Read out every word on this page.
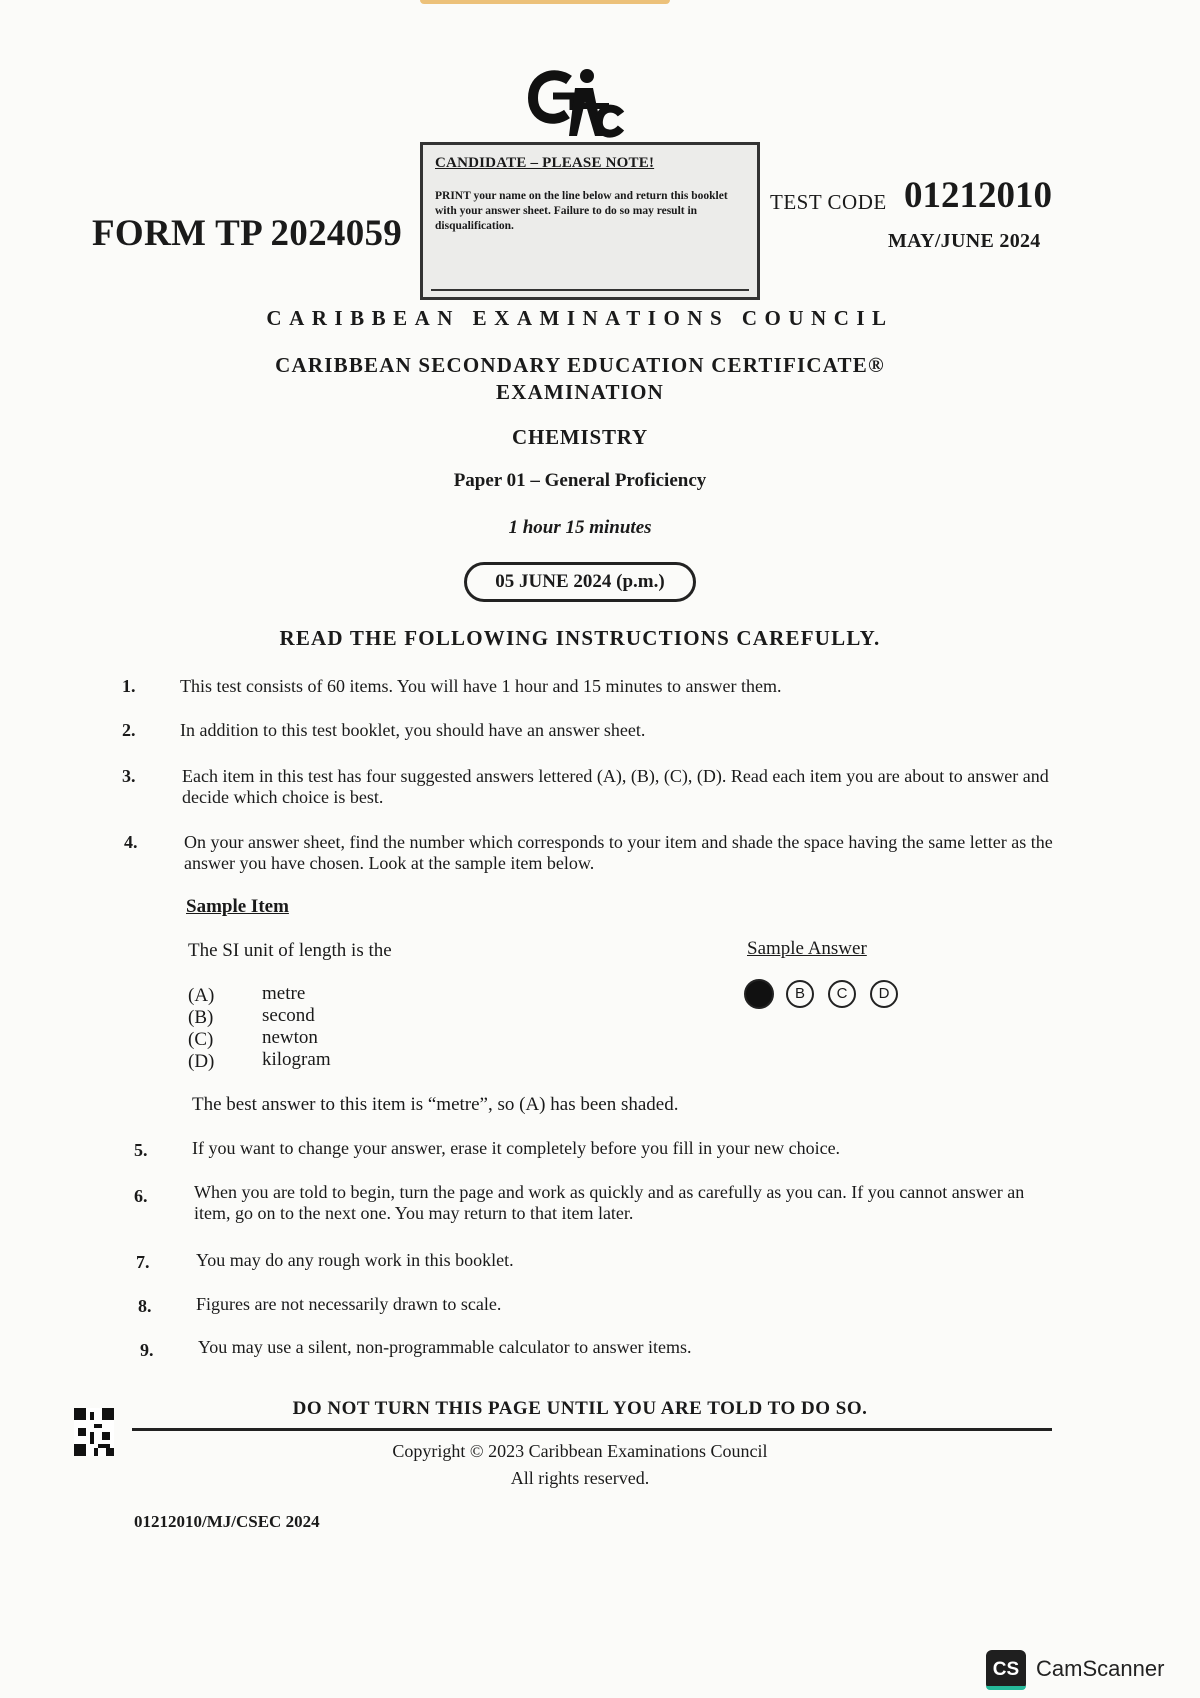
CANDIDATE – PLEASE NOTE!
PRINT your name on the line below and return this booklet with your answer sheet. Failure to do so may result in disqualification.
FORM TP 2024059
TEST CODE 01212010
MAY/JUNE 2024
CARIBBEAN EXAMINATIONS COUNCIL
CARIBBEAN SECONDARY EDUCATION CERTIFICATE®
EXAMINATION
CHEMISTRY
Paper 01 – General Proficiency
1 hour 15 minutes
05 JUNE 2024 (p.m.)
READ THE FOLLOWING INSTRUCTIONS CAREFULLY.
1. This test consists of 60 items. You will have 1 hour and 15 minutes to answer them.
2. In addition to this test booklet, you should have an answer sheet.
3.	Each item in this test has four suggested answers lettered (A), (B), (C), (D). Read each item you are about to answer and decide which choice is best.
4.	On your answer sheet, find the number which corresponds to your item and shade the space having the same letter as the answer you have chosen. Look at the sample item below.
Sample Item
The SI unit of length is the	Sample Answer
(A)	metre
(B)	second
(C)	newton
(D)	kilogram
B	C	D
The best answer to this item is “metre”, so (A) has been shaded.
5. If you want to change your answer, erase it completely before you fill in your new choice.
6.	When you are told to begin, turn the page and work as quickly and as carefully as you can. If you cannot answer an item, go on to the next one. You may return to that item later.
7.	You may do any rough work in this booklet.
8. Figures are not necessarily drawn to scale.
9. You may use a silent, non-programmable calculator to answer items.
DO NOT TURN THIS PAGE UNTIL YOU ARE TOLD TO DO SO.
Copyright © 2023 Caribbean Examinations Council
All rights reserved.
01212010/MJ/CSEC 2024
CS CamScanner
